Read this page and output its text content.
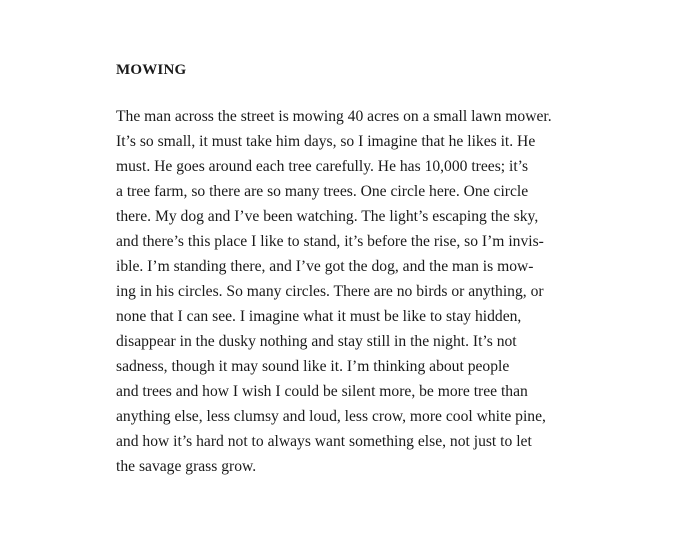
MOWING
The man across the street is mowing 40 acres on a small lawn mower.
It’s so small, it must take him days, so I imagine that he likes it. He
must. He goes around each tree carefully. He has 10,000 trees; it’s
a tree farm, so there are so many trees. One circle here. One circle
there. My dog and I’ve been watching. The light’s escaping the sky,
and there’s this place I like to stand, it’s before the rise, so I’m invis-
ible. I’m standing there, and I’ve got the dog, and the man is mow-
ing in his circles. So many circles. There are no birds or anything, or
none that I can see. I imagine what it must be like to stay hidden,
disappear in the dusky nothing and stay still in the night. It’s not
sadness, though it may sound like it. I’m thinking about people
and trees and how I wish I could be silent more, be more tree than
anything else, less clumsy and loud, less crow, more cool white pine,
and how it’s hard not to always want something else, not just to let
the savage grass grow.
